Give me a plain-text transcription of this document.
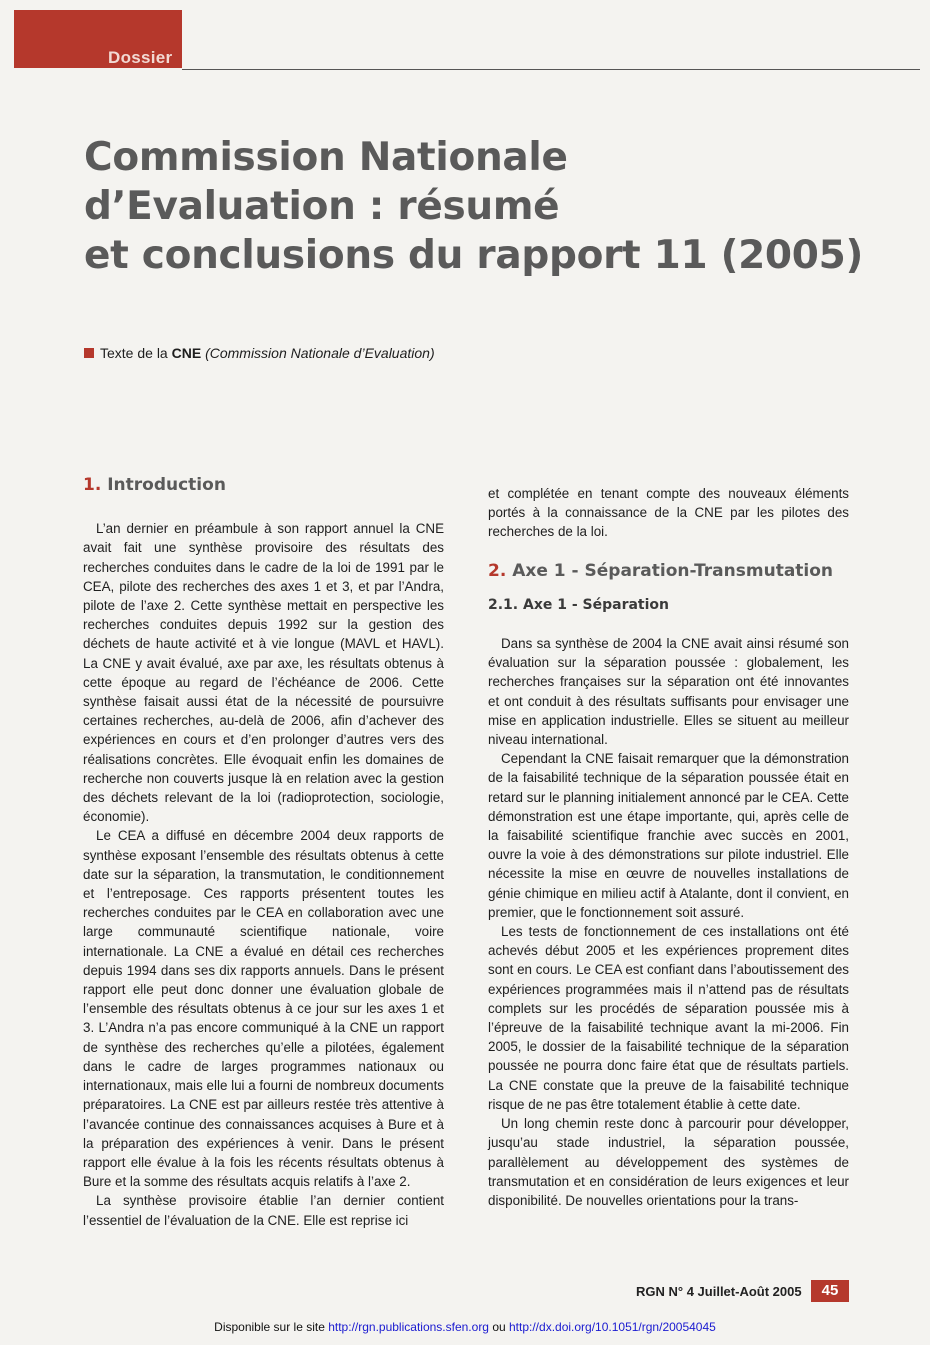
Dossier
Commission Nationale
d’Evaluation : résumé
et conclusions du rapport 11 (2005)
Texte de la CNE (Commission Nationale d’Evaluation)
1. Introduction

L’an dernier en préambule à son rapport annuel la CNE avait fait une synthèse provisoire des résultats des recherches conduites dans le cadre de la loi de 1991 par le CEA, pilote des recherches des axes 1 et 3, et par l’Andra, pilote de l’axe 2. Cette synthèse mettait en perspective les recherches conduites depuis 1992 sur la gestion des déchets de haute activité et à vie longue (MAVL et HAVL). La CNE y avait évalué, axe par axe, les résultats obtenus à cette époque au regard de l’échéance de 2006. Cette synthèse faisait aussi état de la nécessité de poursuivre certaines recherches, au-delà de 2006, afin d’achever des expériences en cours et d’en prolonger d’autres vers des réalisations concrètes. Elle évoquait enfin les domaines de recherche non couverts jusque là en relation avec la gestion des déchets relevant de la loi (radioprotection, sociologie, économie).

Le CEA a diffusé en décembre 2004 deux rapports de synthèse exposant l’ensemble des résultats obtenus à cette date sur la séparation, la transmutation, le conditionnement et l’entreposage. Ces rapports présentent toutes les recherches conduites par le CEA en collaboration avec une large communauté scientifique nationale, voire internationale. La CNE a évalué en détail ces recherches depuis 1994 dans ses dix rapports annuels. Dans le présent rapport elle peut donc donner une évaluation globale de l’ensemble des résultats obtenus à ce jour sur les axes 1 et 3. L’Andra n’a pas encore communiqué à la CNE un rapport de synthèse des recherches qu’elle a pilotées, également dans le cadre de larges programmes nationaux ou internationaux, mais elle lui a fourni de nombreux documents préparatoires. La CNE est par ailleurs restée très attentive à l’avancée continue des connaissances acquises à Bure et à la préparation des expériences à venir. Dans le présent rapport elle évalue à la fois les récents résultats obtenus à Bure et la somme des résultats acquis relatifs à l’axe 2.

La synthèse provisoire établie l’an dernier contient l’essentiel de l’évaluation de la CNE. Elle est reprise ici

et complétée en tenant compte des nouveaux éléments portés à la connaissance de la CNE par les pilotes des recherches de la loi.

2. Axe 1 - Séparation-Transmutation
2.1. Axe 1 - Séparation

Dans sa synthèse de 2004 la CNE avait ainsi résumé son évaluation sur la séparation poussée : globalement, les recherches françaises sur la séparation ont été innovantes et ont conduit à des résultats suffisants pour envisager une mise en application industrielle. Elles se situent au meilleur niveau international.

Cependant la CNE faisait remarquer que la démonstration de la faisabilité technique de la séparation poussée était en retard sur le planning initialement annoncé par le CEA. Cette démonstration est une étape importante, qui, après celle de la faisabilité scientifique franchie avec succès en 2001, ouvre la voie à des démonstrations sur pilote industriel. Elle nécessite la mise en œuvre de nouvelles installations de génie chimique en milieu actif à Atalante, dont il convient, en premier, que le fonctionnement soit assuré.

Les tests de fonctionnement de ces installations ont été achevés début 2005 et les expériences proprement dites sont en cours. Le CEA est confiant dans l’aboutissement des expériences programmées mais il n’attend pas de résultats complets sur les procédés de séparation poussée mis à l’épreuve de la faisabilité technique avant la mi-2006. Fin 2005, le dossier de la faisabilité technique de la séparation poussée ne pourra donc faire état que de résultats partiels. La CNE constate que la preuve de la faisabilité technique risque de ne pas être totalement établie à cette date.

Un long chemin reste donc à parcourir pour développer, jusqu’au stade industriel, la séparation poussée, parallèlement au développement des systèmes de transmutation et en considération de leurs exigences et leur disponibilité. De nouvelles orientations pour la trans-

RGN N° 4 Juillet-Août 2005	45
Disponible sur le site http://rgn.publications.sfen.org ou http://dx.doi.org/10.1051/rgn/20054045
